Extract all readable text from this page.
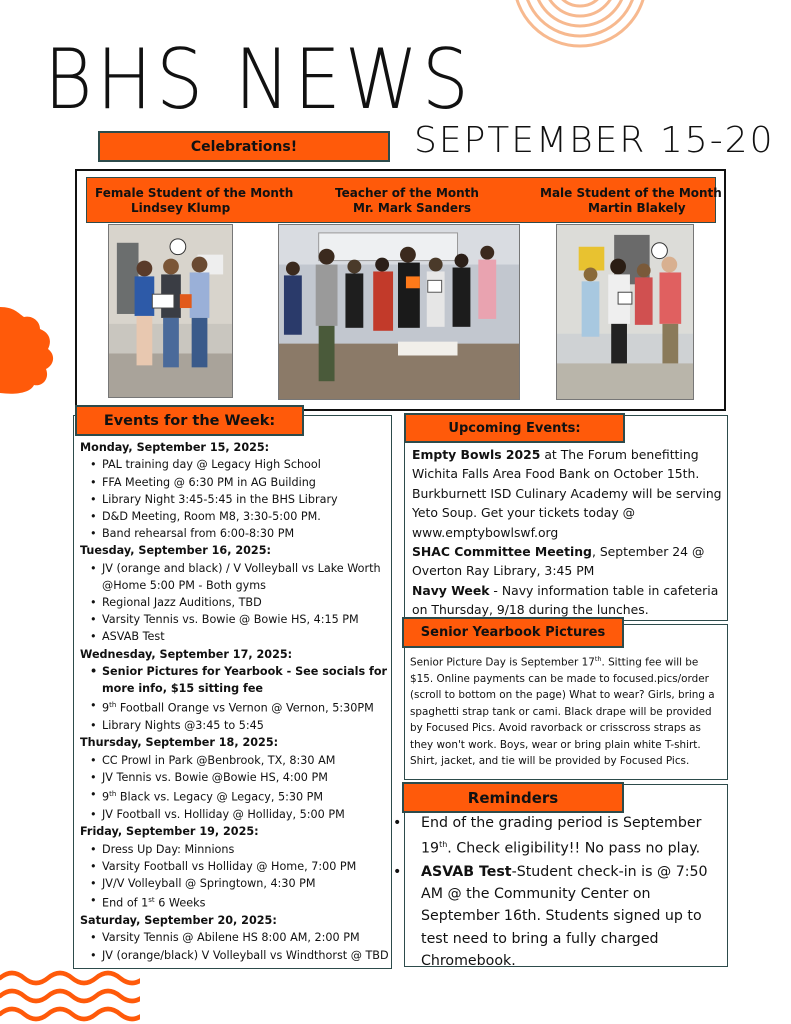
BHS NEWS
SEPTEMBER 15-20
Celebrations!
Female Student of the Month
Lindsey Klump
Teacher of the Month
Mr. Mark Sanders
Male Student of the Month
Martin Blakely
Events for the Week:
Monday, September 15, 2025:
• PAL training day @ Legacy High School
• FFA Meeting @ 6:30 PM in AG Building
• Library Night 3:45-5:45 in the BHS Library
• D&D Meeting, Room M8, 3:30-5:00 PM.
• Band rehearsal from 6:00-8:30 PM
Tuesday, September 16, 2025:
• JV (orange and black) / V Volleyball vs Lake Worth @Home 5:00 PM - Both gyms
• Regional Jazz Auditions, TBD
• Varsity Tennis vs. Bowie @ Bowie HS, 4:15 PM
• ASVAB Test
Wednesday, September 17, 2025:
• Senior Pictures for Yearbook - See socials for more info, $15 sitting fee
• 9th Football Orange vs Vernon @ Vernon, 5:30PM
• Library Nights @3:45 to 5:45
Thursday, September 18, 2025:
• CC Prowl in Park @Benbrook, TX, 8:30 AM
• JV Tennis vs. Bowie @Bowie HS, 4:00 PM
• 9th Black vs. Legacy @ Legacy, 5:30 PM
• JV Football vs. Holliday @ Holliday, 5:00 PM
Friday, September 19, 2025:
• Dress Up Day: Minnions
• Varsity Football vs Holliday @ Home, 7:00 PM
• JV/V Volleyball @ Springtown, 4:30 PM
• End of 1st 6 Weeks
Saturday, September 20, 2025:
• Varsity Tennis @ Abilene HS 8:00 AM, 2:00 PM
• JV (orange/black) V Volleyball vs Windthorst @ TBD
Upcoming Events:

Empty Bowls 2025 at The Forum benefitting Wichita Falls Area Food Bank on October 15th. Burkburnett ISD Culinary Academy will be serving Yeto Soup. Get your tickets today @ www.emptybowlswf.org

SHAC Committee Meeting, September 24 @ Overton Ray Library, 3:45 PM

Navy Week - Navy information table in cafeteria on Thursday, 9/18 during the lunches.

Senior Yearbook Pictures
Senior Picture Day is September 17th. Sitting fee will be $15. Online payments can be made to focused.pics/order (scroll to bottom on the page) What to wear? Girls, bring a spaghetti strap tank or cami. Black drape will be provided by Focused Pics. Avoid ravorback or crisscross straps as they won't work. Boys, wear or bring plain white T-shirt. Shirt, jacket, and tie will be provided by Focused Pics.
Reminders
• End of the grading period is September 19th. Check eligibility!! No pass no play.
• ASVAB Test-Student check-in is @ 7:50 AM @ the Community Center on September 16th. Students signed up to test need to bring a fully charged Chromebook.
